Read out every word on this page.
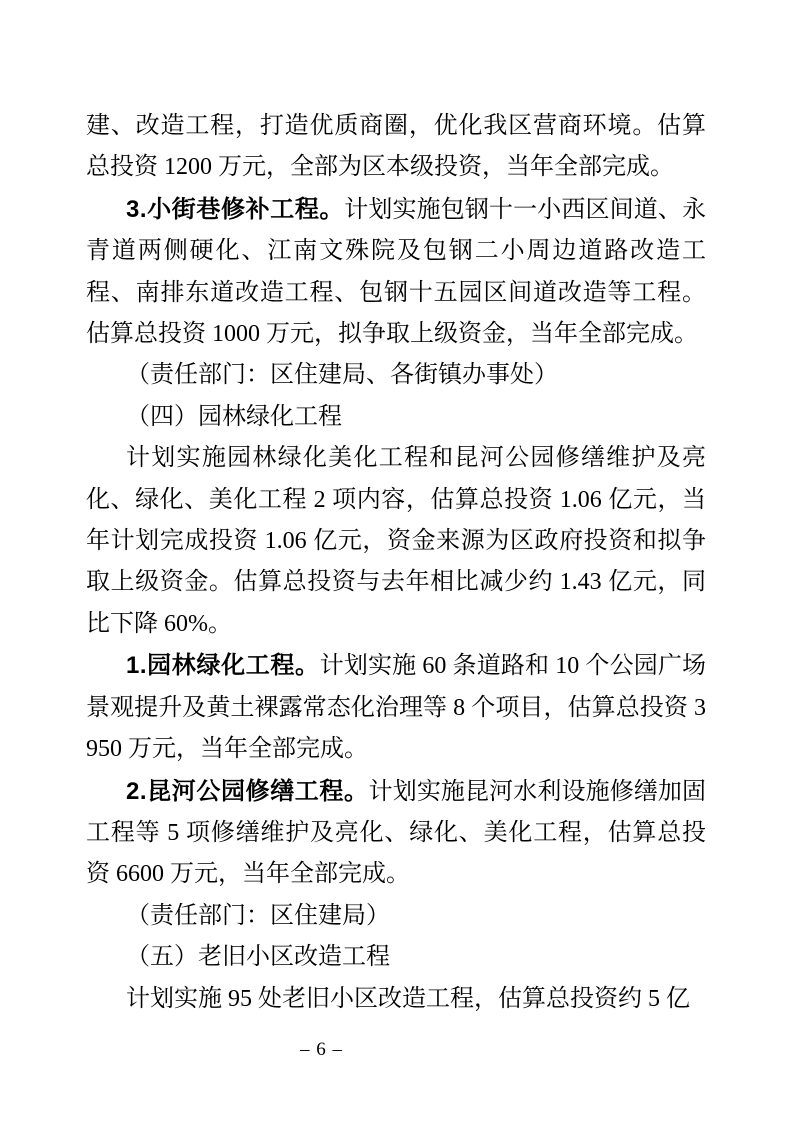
建、改造工程，打造优质商圈，优化我区营商环境。估算总投资 1200 万元，全部为区本级投资，当年全部完成。

3.小街巷修补工程。计划实施包钢十一小西区间道、永青道两侧硬化、江南文殊院及包钢二小周边道路改造工程、南排东道改造工程、包钢十五园区间道改造等工程。估算总投资 1000 万元，拟争取上级资金，当年全部完成。

（责任部门：区住建局、各街镇办事处）

（四）园林绿化工程

计划实施园林绿化美化工程和昆河公园修缮维护及亮化、绿化、美化工程 2 项内容，估算总投资 1.06 亿元，当年计划完成投资 1.06 亿元，资金来源为区政府投资和拟争取上级资金。估算总投资与去年相比减少约 1.43 亿元，同比下降 60%。

1.园林绿化工程。计划实施 60 条道路和 10 个公园广场景观提升及黄土裸露常态化治理等 8 个项目，估算总投资 3950 万元，当年全部完成。

2.昆河公园修缮工程。计划实施昆河水利设施修缮加固工程等 5 项修缮维护及亮化、绿化、美化工程，估算总投资 6600 万元，当年全部完成。

（责任部门：区住建局）

（五）老旧小区改造工程

计划实施 95 处老旧小区改造工程，估算总投资约 5 亿

– 6 –
